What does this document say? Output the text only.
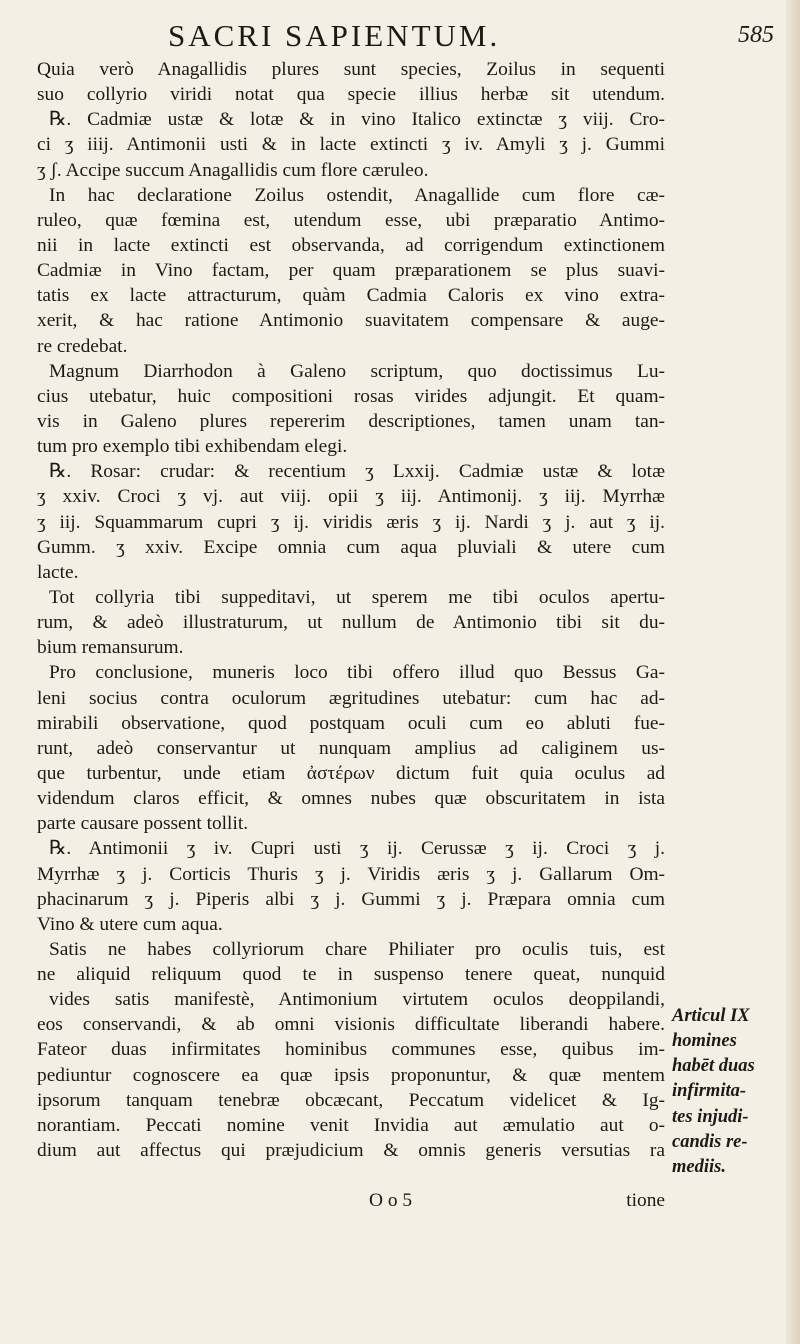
SACRI SAPIENTUM.	585
Quia verò Anagallidis plures sunt species, Zoilus in sequenti
suo collyrio viridi notat qua specie illius herbæ sit utendum.
℞. Cadmiæ ustæ & lotæ & in vino Italico extinctæ ʒ viij. Cro-
ci ʒ iiij. Antimonii usti & in lacte extincti ʒ iv. Amyli ʒ j. Gummi
ʒ ʃ. Accipe succum Anagallidis cum flore cæruleo.
In hac declaratione Zoilus ostendit, Anagallide cum flore cæ-
ruleo, quæ fœmina est, utendum esse, ubi præparatio Antimo-
nii in lacte extincti est observanda, ad corrigendum extinctionem
Cadmiæ in Vino factam, per quam præparationem se plus suavi-
tatis ex lacte attracturum, quàm Cadmia Caloris ex vino extra-
xerit, & hac ratione Antimonio suavitatem compensare & auge-
re credebat.
Magnum Diarrhodon à Galeno scriptum, quo doctissimus Lu-
cius utebatur, huic compositioni rosas virides adjungit. Et quam-
vis in Galeno plures repererim descriptiones, tamen unam tan-
tum pro exemplo tibi exhibendam elegi.
℞. Rosar: crudar: & recentium ʒ Lxxij. Cadmiæ ustæ & lotæ
ʒ xxiv. Croci ʒ vj. aut viij. opii ʒ iij. Antimonij. ʒ iij. Myrrhæ
ʒ iij. Squammarum cupri ʒ ij. viridis æris ʒ ij. Nardi ʒ j. aut ʒ ij.
Gumm. ʒ xxiv. Excipe omnia cum aqua pluviali & utere cum
lacte.
Tot collyria tibi suppeditavi, ut sperem me tibi oculos apertu-
rum, & adeò illustraturum, ut nullum de Antimonio tibi sit du-
bium remansurum.
Pro conclusione, muneris loco tibi offero illud quo Bessus Ga-
leni socius contra oculorum ægritudines utebatur: cum hac ad-
mirabili observatione, quod postquam oculi cum eo abluti fue-
runt, adeò conservantur ut nunquam amplius ad caliginem us-
que turbentur, unde etiam ἀστέρων dictum fuit quia oculus ad
videndum claros efficit, & omnes nubes quæ obscuritatem in ista
parte causare possent tollit.
℞. Antimonii ʒ iv. Cupri usti ʒ ij. Cerussæ ʒ ij. Croci ʒ j.
Myrrhæ ʒ j. Corticis Thuris ʒ j. Viridis æris ʒ j. Gallarum Om-
phacinarum ʒ j. Piperis albi ʒ j. Gummi ʒ j. Præpara omnia cum
Vino & utere cum aqua.
Satis ne habes collyriorum chare Philiater pro oculis tuis, est
ne aliquid reliquum quod te in suspenso tenere queat, nunquid
vides satis manifestè, Antimonium virtutem oculos deoppilandi,
eos conservandi, & ab omni visionis difficultate liberandi habere.
Fateor duas infirmitates hominibus communes esse, quibus im-
pediuntur cognoscere ea quæ ipsis proponuntur, & quæ mentem
ipsorum tanquam tenebræ obcæcant, Peccatum videlicet & Ig-
norantiam. Peccati nomine venit Invidia aut æmulatio aut o-
dium aut affectus qui præjudicium & omnis generis versutias ra
O o 5	tione
Articul IX
homines
habēt duas
infirmita-
tes injudi-
candis re-
mediis.
